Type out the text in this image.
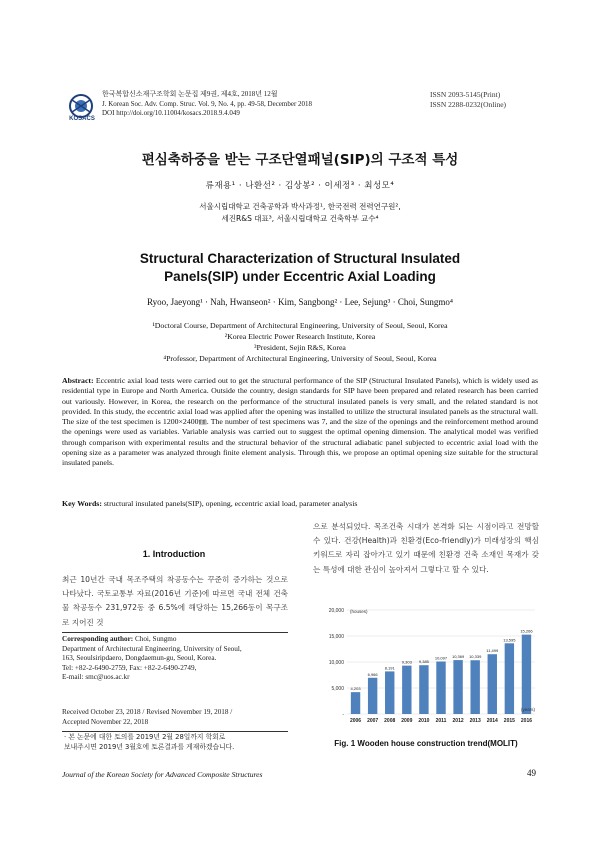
KOSACS
한국복합신소재구조학회 논문집 제9권, 제4호, 2018년 12월
J. Korean Soc. Adv. Comp. Struc. Vol. 9, No. 4, pp. 49-58, December 2018
DOI http://doi.org/10.11004/kosacs.2018.9.4.049
ISSN 2093-5145(Print)
ISSN 2288-0232(Online)
편심축하중을 받는 구조단열패널(SIP)의 구조적 특성
류재용¹ · 나환선² · 김상봉² · 이세정³ · 최성모⁴
서울시립대학교 건축공학과 박사과정¹, 한국전력 전력연구원²,
세진R&S 대표³, 서울시립대학교 건축학부 교수⁴
Structural Characterization of Structural Insulated
Panels(SIP) under Eccentric Axial Loading
Ryoo, Jaeyong¹ · Nah, Hwanseon² · Kim, Sangbong² · Lee, Sejung³ · Choi, Sungmo⁴
¹Doctoral Course, Department of Architectural Engineering, University of Seoul, Seoul, Korea
²Korea Electric Power Research Institute, Korea
³President, Sejin R&S, Korea
⁴Professor, Department of Architectural Engineering, University of Seoul, Seoul, Korea
Abstract: Eccentric axial load tests were carried out to get the structural performance of the SIP (Structural Insulated Panels), which is widely used as residential type in Europe and North America. Outside the country, design standards for SIP have been prepared and related research has been carried out variously. However, in Korea, the research on the performance of the structural insulated panels is very small, and the related standard is not provided. In this study, the eccentric axial load was applied after the opening was installed to utilize the structural insulated panels as the structural wall. The size of the test specimen is 1200×2400㎜. The number of test specimens was 7, and the size of the openings and the reinforcement method around the openings were used as variables. Variable analysis was carried out to suggest the optimal opening dimension. The analytical model was verified through comparison with experimental results and the structural behavior of the structural adiabatic panel subjected to eccentric axial load with the opening size as a parameter was analyzed through finite element analysis. Through this, we propose an optimal opening size suitable for the structural insulated panels.
Key Words: structural insulated panels(SIP), opening, eccentric axial load, parameter analysis
1. Introduction
최근 10년간 국내 목조주택의 착공동수는 꾸준히 증가하는 것으로 나타났다. 국토교통부 자료(2016년 기준)에 따르면 국내 전체 건축물 착공동수 231,972동 중 6.5%에 해당하는 15,266동이 목구조로 지어진 것
Corresponding author: Choi, Sungmo
Department of Architectural Engineering, University of Seoul,
163, Seoulsiripdaero, Dongdaemun-gu, Seoul, Korea.
Tel: +82-2-6490-2759, Fax: +82-2-6490-2749,
E-mail: smc@uos.ac.kr
Received October 23, 2018 / Revised November 19, 2018 /
Accepted November 22, 2018
· 본 논문에 대한 토의를 2019년 2월 28일까지 학회로
보내주시면 2019년 3월호에 토론결과를 게재하겠습니다.
으로 분석되었다. 목조건축 시대가 본격화 되는 시점이라고 전망할 수 있다. 건강(Health)과 친환경(Eco-friendly)가 미래성장의 핵심 키워드로 자리 잡아가고 있기 때문에 친환경 건축 소재인 목재가 갖는 특성에 대한 관심이 높아져서 그렇다고 할 수 있다.
-
5,000
10,000
15,000
20,000 (houses)
4,203
2006
6,966
2007
8,191
2008
9,303
2009
9,385
2010
10,097
2011
10,369
2012
10,339
2013
11,499
2014
13,595
2015
15,266
2016
(years)
Fig. 1 Wooden house construction trend(MOLIT)
Journal of the Korean Society for Advanced Composite Structures	49
